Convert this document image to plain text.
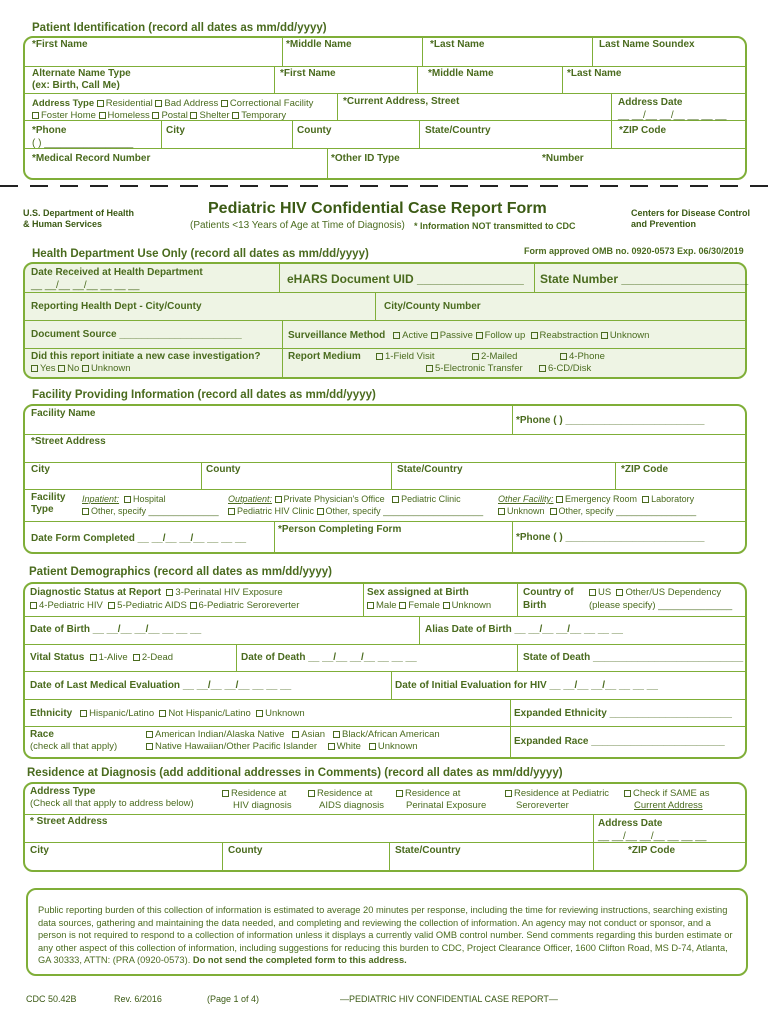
Patient Identification (record all dates as mm/dd/yyyy)
*First Name	*Middle Name	*Last Name	Last Name Soundex
Alternate Name Type
(ex: Birth, Call Me)
*First Name	*Middle Name	*Last Name
Address Type Residential Bad Address Correctional Facility
Foster Home Homeless Postal Shelter Temporary
*Current Address, Street	Address Date
__ __/__ __/__ __ __ __
*Phone
( ) ________________
City	County	State/Country	*ZIP Code
*Medical Record Number	*Other ID Type	*Number
U.S. Department of Health
& Human Services
Pediatric HIV Confidential Case Report Form
(Patients <13 Years of Age at Time of Diagnosis) * Information NOT transmitted to CDC
Centers for Disease Control
and Prevention
Health Department Use Only (record all dates as mm/dd/yyyy)	Form approved OMB no. 0920-0573 Exp. 06/30/2019
Date Received at Health Department
__ __/__ __/__ __ __ __	eHARS Document UID ________________ State Number ___________________
Reporting Health Dept - City/County	City/County Number
Document Source ______________________	Surveillance Method Active Passive Follow up Reabstraction Unknown
Did this report initiate a new case investigation?
Yes No Unknown
Report Medium	1-Field Visit	2-Mailed	4-Phone
5-Electronic Transfer	6-CD/Disk
Facility Providing Information (record all dates as mm/dd/yyyy)
Facility Name
*Phone ( ) _________________________
*Street Address
City	County	State/Country	*ZIP Code
Facility
Type
Inpatient: Hospital
Other, specify ______________
Outpatient: Private Physician's Office Pediatric Clinic
Pediatric HIV Clinic Other, specify ____________________
Other Facility: Emergency Room Laboratory
Unknown Other, specify ________________
Date Form Completed __ __/__ __/__ __ __ __
*Person Completing Form
*Phone ( ) _________________________
Patient Demographics (record all dates as mm/dd/yyyy)
Diagnostic Status at Report 3-Perinatal HIV Exposure
4-Pediatric HIV 5-Pediatric AIDS 6-Pediatric Seroreverter
Sex assigned at Birth
Male Female Unknown
Country of
Birth
US Other/US Dependency
(please specify) ______________
Date of Birth __ __/__ __/__ __ __ __	Alias Date of Birth __ __/__ __/__ __ __ __
Vital Status 1-Alive 2-Dead	Date of Death __ __/__ __/__ __ __ __	State of Death ___________________________
Date of Last Medical Evaluation __ __/__ __/__ __ __ __	Date of Initial Evaluation for HIV __ __/__ __/__ __ __ __
Ethnicity Hispanic/Latino Not Hispanic/Latino Unknown	Expanded Ethnicity ______________________
Race
(check all that apply)
American Indian/Alaska Native Asian Black/African American
Native Hawaiian/Other Pacific Islander White Unknown	Expanded Race ________________________
Residence at Diagnosis (add additional addresses in Comments) (record all dates as mm/dd/yyyy)
Address Type
(Check all that apply to address below)
Residence at
HIV diagnosis
Residence at
AIDS diagnosis
Residence at
Perinatal Exposure
Residence at Pediatric
Seroreverter
Check if SAME as
Current Address
* Street Address	Address Date
__ __/__ __/__ __ __ __
City	County	State/Country	*ZIP Code
Public reporting burden of this collection of information is estimated to average 20 minutes per response, including the time for reviewing instructions, searching existing data sources, gathering and maintaining the data needed, and completing and reviewing the collection of information. An agency may not conduct or sponsor, and a person is not required to respond to a collection of information unless it displays a currently valid OMB control number. Send comments regarding this burden estimate or any other aspect of this collection of information, including suggestions for reducing this burden to CDC, Project Clearance Officer, 1600 Clifton Road, MS D-74, Atlanta, GA 30333, ATTN: (PRA (0920-0573). Do not send the completed form to this address.
CDC 50.42B	Rev. 6/2016	(Page 1 of 4)	—PEDIATRIC HIV CONFIDENTIAL CASE REPORT—
